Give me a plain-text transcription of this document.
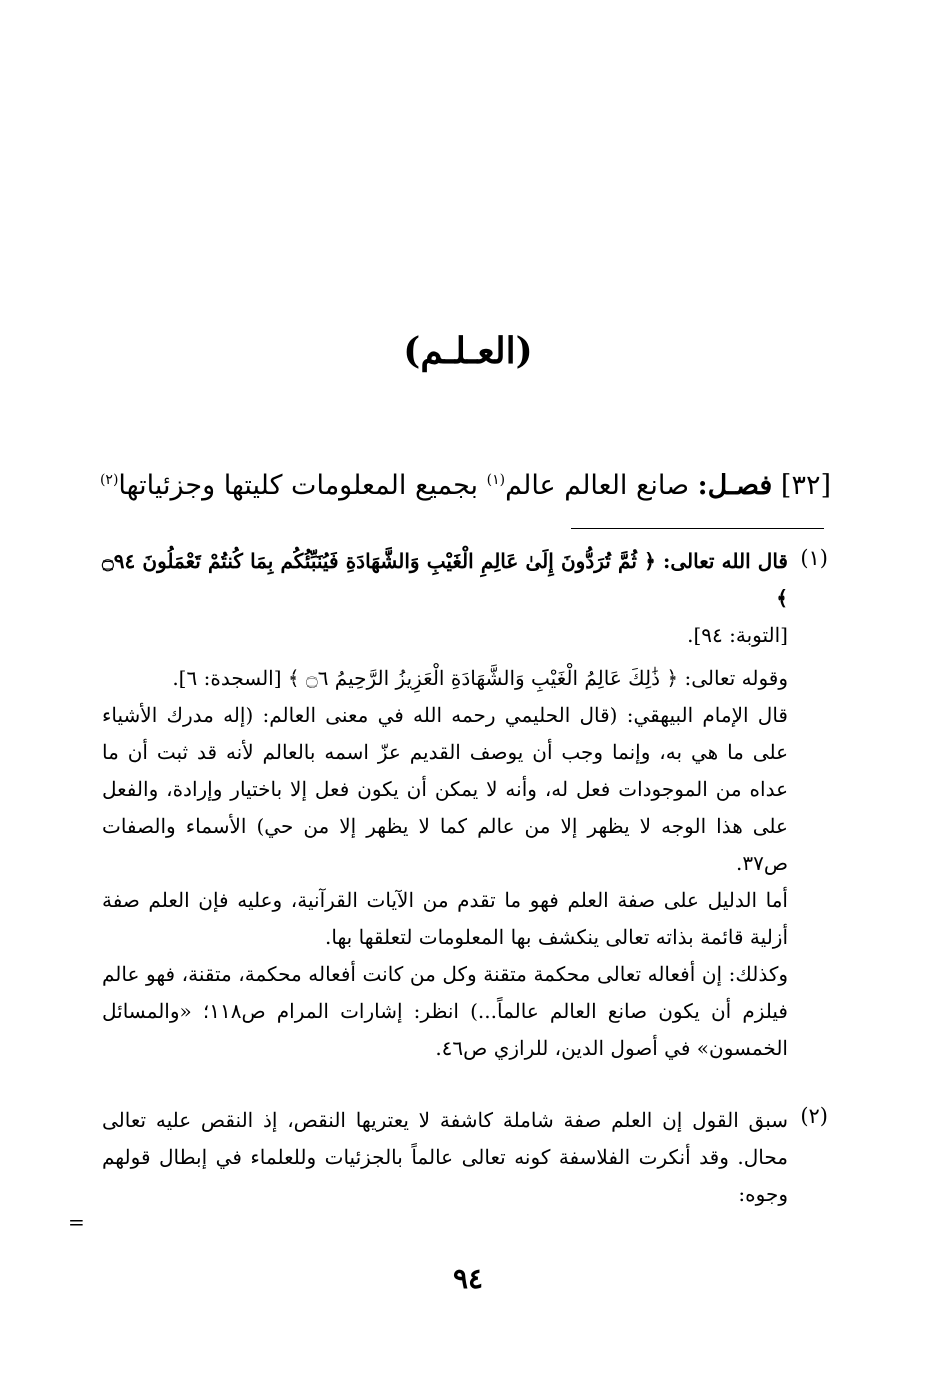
(العـلـم)
[٣٢] فصـل: صانع العالم عالم$^{(١)}$ بجميع المعلومات كليتها وجزئياتها$^{(٢)}$
(١)

قال الله تعالى: ﴿ ثُمَّ تُرَدُّونَ إِلَىٰ عَالِمِ الْغَيْبِ وَالشَّهَادَةِ فَيُنَبِّئُكُم بِمَا كُنتُمْ تَعْمَلُونَ ۝٩٤ ﴾

[التوبة: ٩٤].

وقوله تعالى: ﴿ ذَٰلِكَ عَالِمُ الْغَيْبِ وَالشَّهَادَةِ الْعَزِيزُ الرَّحِيمُ ۝٦ ﴾ [السجدة: ٦].

قال الإمام البيهقي: (قال الحليمي رحمه الله في معنى العالم: (إله مدرك الأشياء على ما هي به، وإنما وجب أن يوصف القديم عزّ اسمه بالعالم لأنه قد ثبت أن ما عداه من الموجودات فعل له، وأنه لا يمكن أن يكون فعل إلا باختيار وإرادة، والفعل على هذا الوجه لا يظهر إلا من عالم كما لا يظهر إلا من حي) الأسماء والصفات ص٣٧.

أما الدليل على صفة العلم فهو ما تقدم من الآيات القرآنية، وعليه فإن العلم صفة أزلية قائمة بذاته تعالى ينكشف بها المعلومات لتعلقها بها.

وكذلك: إن أفعاله تعالى محكمة متقنة وكل من كانت أفعاله محكمة، متقنة، فهو عالم فيلزم أن يكون صانع العالم عالماً...) انظر: إشارات المرام ص١١٨؛ «والمسائل الخمسون» في أصول الدين، للرازي ص٤٦.

(٢)

سبق القول إن العلم صفة شاملة كاشفة لا يعتريها النقص، إذ النقص عليه تعالى محال. وقد أنكرت الفلاسفة كونه تعالى عالماً بالجزئيات وللعلماء في إبطال قولهم وجوه:

=
٩٤
